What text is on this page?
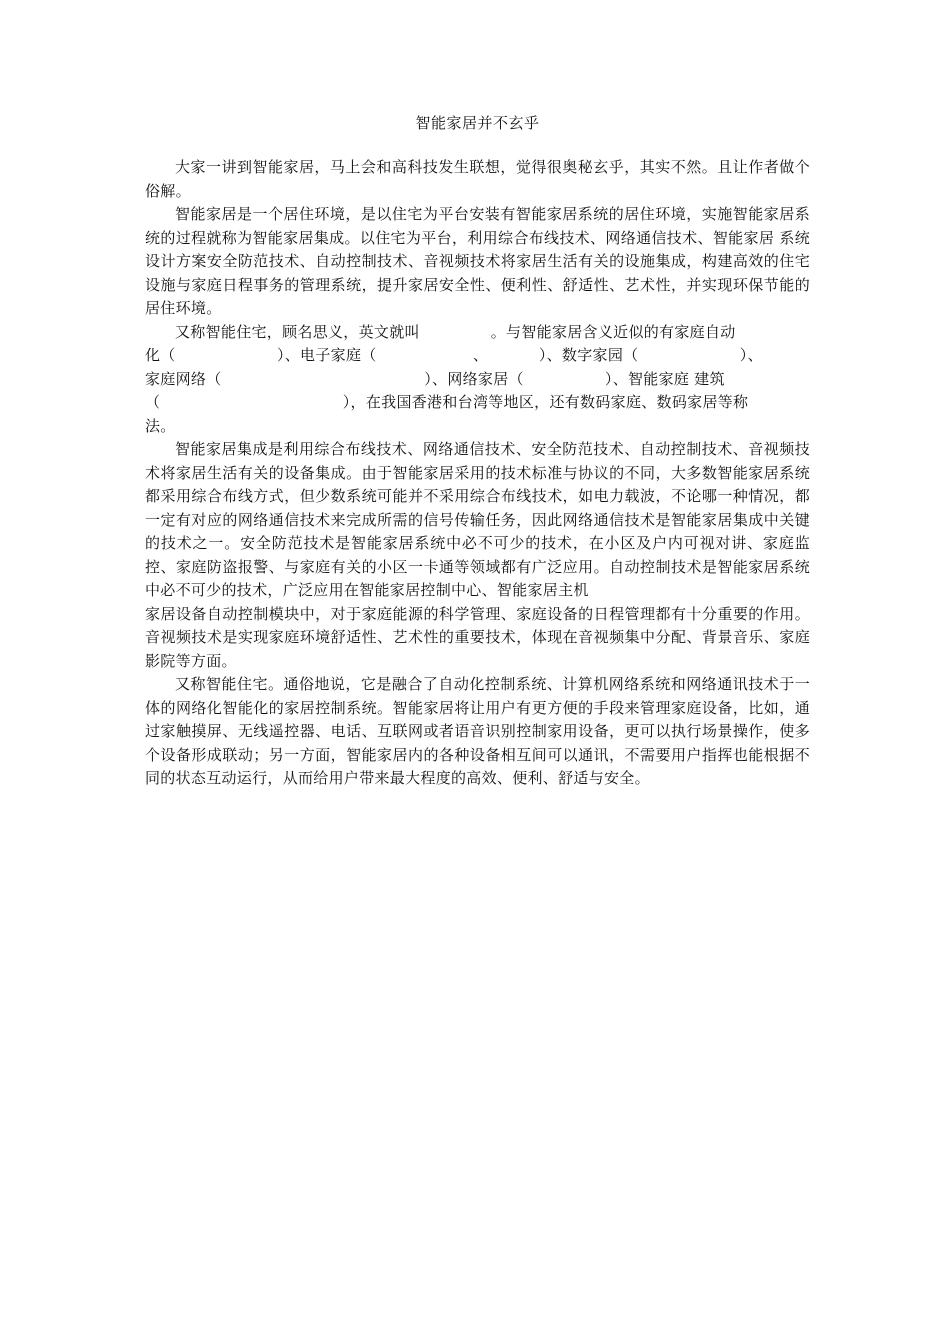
智能家居并不玄乎

大家一讲到智能家居，马上会和高科技发生联想，觉得很奥秘玄乎，其实不然。且让作者做个俗解。

智能家居是一个居住环境，是以住宅为平台安装有智能家居系统的居住环境，实施智能家居系统的过程就称为智能家居集成。以住宅为平台，利用综合布线技术、网络通信技术、智能家居 系统设计方案安全防范技术、自动控制技术、音视频技术将家居生活有关的设施集成，构建高效的住宅设施与家庭日程事务的管理系统，提升家居安全性、便利性、舒适性、艺术性，并实现环保节能的居住环境。

又称智能住宅，顾名思义，英文就叫              。与智能家居含义近似的有家庭自动
化（                    ）、电子家庭（                   、          ）、数字家园（                    ）、
家庭网络（                                        ）、网络家居（                ）、智能家庭 建筑
（                                    ），在我国香港和台湾等地区，还有数码家庭、数码家居等称
法。

智能家居集成是利用综合布线技术、网络通信技术、安全防范技术、自动控制技术、音视频技术将家居生活有关的设备集成。由于智能家居采用的技术标准与协议的不同，大多数智能家居系统都采用综合布线方式，但少数系统可能并不采用综合布线技术，如电力载波，不论哪一种情况，都一定有对应的网络通信技术来完成所需的信号传输任务，因此网络通信技术是智能家居集成中关键的技术之一。安全防范技术是智能家居系统中必不可少的技术，在小区及户内可视对讲、家庭监控、家庭防盗报警、与家庭有关的小区一卡通等领域都有广泛应用。自动控制技术是智能家居系统中必不可少的技术，广泛应用在智能家居控制中心、智能家居主机

家居设备自动控制模块中，对于家庭能源的科学管理、家庭设备的日程管理都有十分重要的作用。音视频技术是实现家庭环境舒适性、艺术性的重要技术，体现在音视频集中分配、背景音乐、家庭影院等方面。

又称智能住宅。通俗地说，它是融合了自动化控制系统、计算机网络系统和网络通讯技术于一体的网络化智能化的家居控制系统。智能家居将让用户有更方便的手段来管理家庭设备，比如，通过家触摸屏、无线遥控器、电话、互联网或者语音识别控制家用设备，更可以执行场景操作，使多个设备形成联动；另一方面，智能家居内的各种设备相互间可以通讯，不需要用户指挥也能根据不同的状态互动运行，从而给用户带来最大程度的高效、便利、舒适与安全。
